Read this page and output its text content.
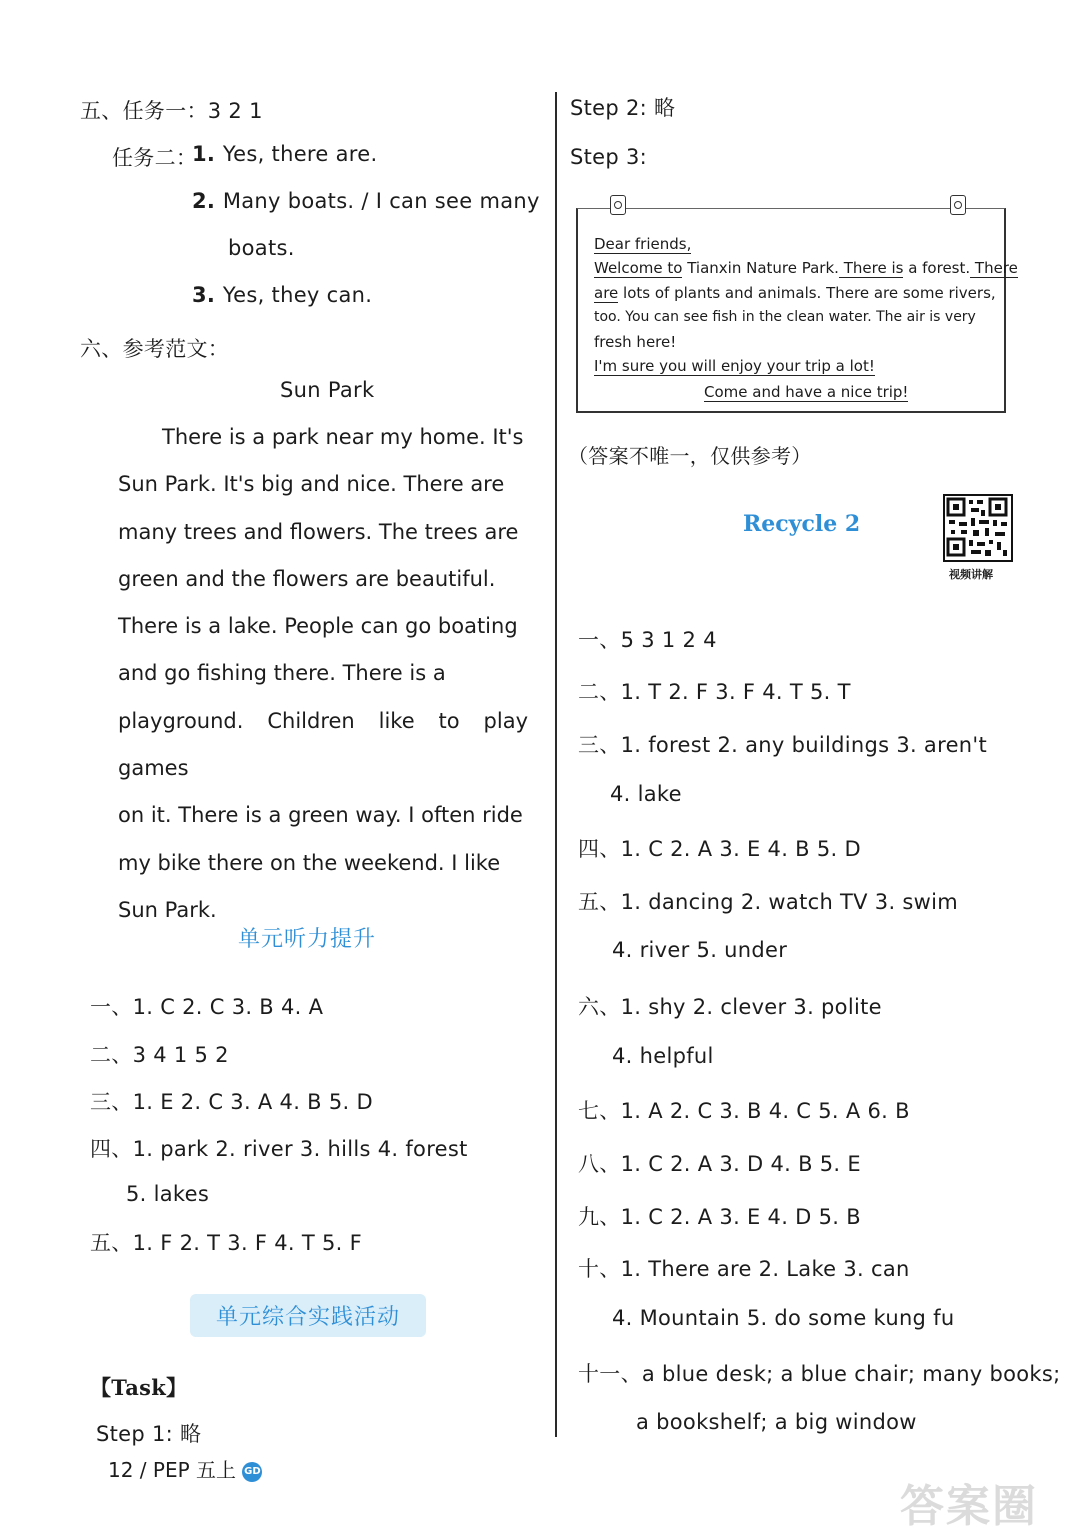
五、任务一：3 2 1
任务二：
1. Yes, there are.
2. Many boats. / I can see many
boats.
3. Yes, they can.
六、参考范文：
Sun Park
There is a park near my home. It's
Sun Park. It's big and nice. There are
many trees and flowers. The trees are
green and the flowers are beautiful.
There is a lake. People can go boating
and go fishing there. There is a
playground. Children like to play games
on it. There is a green way. I often ride
my bike there on the weekend. I like
Sun Park.
单元听力提升
一、1. C 2. C 3. B 4. A
二、3 4 1 5 2
三、1. E 2. C 3. A 4. B 5. D
四、1. park 2. river 3. hills 4. forest
5. lakes
五、1. F 2. T 3. F 4. T 5. F
单元综合实践活动
【Task】
Step 1: 略
Step 2: 略
Step 3:
Dear friends,
Welcome to Tianxin Nature Park. There is a forest. There
are lots of plants and animals. There are some rivers,
too. You can see fish in the clean water. The air is very
fresh here!
I'm sure you will enjoy your trip a lot!
Come and have a nice trip!
（答案不唯一，仅供参考）
Recycle 2
视频讲解
一、5 3 1 2 4
二、1. T 2. F 3. F 4. T 5. T
三、1. forest 2. any buildings 3. aren't
4. lake
四、1. C 2. A 3. E 4. B 5. D
五、1. dancing 2. watch TV 3. swim
4. river 5. under
六、1. shy 2. clever 3. polite
4. helpful
七、1. A 2. C 3. B 4. C 5. A 6. B
八、1. C 2. A 3. D 4. B 5. E
九、1. C 2. A 3. E 4. D 5. B
十、1. There are 2. Lake 3. can
4. Mountain 5. do some kung fu
十一、a blue desk; a blue chair; many books;
a bookshelf; a big window
12 / PEP 五上 GD
答案圈
